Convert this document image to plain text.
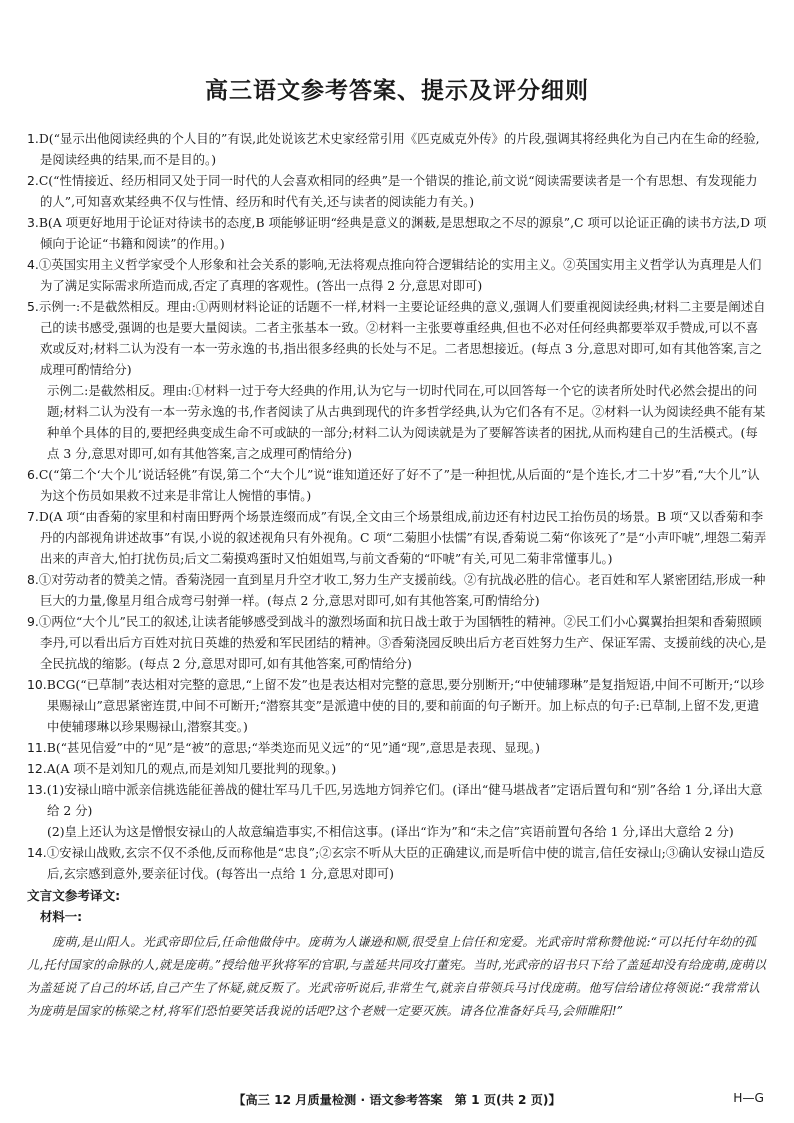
高三语文参考答案、提示及评分细则

1.D(“显示出他阅读经典的个人目的”有误,此处说该艺术史家经常引用《匹克威克外传》的片段,强调其将经典化为自己内在生命的经验,是阅读经典的结果,而不是目的。)

2.C(“性情接近、经历相同又处于同一时代的人会喜欢相同的经典”是一个错误的推论,前文说“阅读需要读者是一个有思想、有发现能力的人”,可知喜欢某经典不仅与性情、经历和时代有关,还与读者的阅读能力有关。)

3.B(A 项更好地用于论证对待读书的态度,B 项能够证明“经典是意义的渊薮,是思想取之不尽的源泉”,C 项可以论证正确的读书方法,D 项倾向于论证“书籍和阅读”的作用。)

4.①英国实用主义哲学家受个人形象和社会关系的影响,无法将观点推向符合逻辑结论的实用主义。②英国实用主义哲学认为真理是人们为了满足实际需求所造而成,否定了真理的客观性。(答出一点得 2 分,意思对即可)

5.示例一:不是截然相反。理由:①两则材料论证的话题不一样,材料一主要论证经典的意义,强调人们要重视阅读经典;材料二主要是阐述自己的读书感受,强调的也是要大量阅读。二者主张基本一致。②材料一主张要尊重经典,但也不必对任何经典都要举双手赞成,可以不喜欢或反对;材料二认为没有一本一劳永逸的书,指出很多经典的长处与不足。二者思想接近。(每点 3 分,意思对即可,如有其他答案,言之成理可酌情给分)

示例二:是截然相反。理由:①材料一过于夸大经典的作用,认为它与一切时代同在,可以回答每一个它的读者所处时代必然会提出的问题;材料二认为没有一本一劳永逸的书,作者阅读了从古典到现代的许多哲学经典,认为它们各有不足。②材料一认为阅读经典不能有某种单个具体的目的,要把经典变成生命不可或缺的一部分;材料二认为阅读就是为了要解答读者的困扰,从而构建自己的生活模式。(每点 3 分,意思对即可,如有其他答案,言之成理可酌情给分)

6.C(“第二个‘大个儿’说话轻佻”有误,第二个“大个儿”说“谁知道还好了好不了”是一种担忧,从后面的“是个连长,才二十岁”看,“大个儿”认为这个伤员如果救不过来是非常让人惋惜的事情。)

7.D(A 项“由香菊的家里和村南田野两个场景连缀而成”有误,全文由三个场景组成,前边还有村边民工抬伤员的场景。B 项“又以香菊和李丹的内部视角讲述故事”有误,小说的叙述视角只有外视角。C 项“二菊胆小怯懦”有误,香菊说二菊“你该死了”是“小声吓唬”,埋怨二菊弄出来的声音大,怕打扰伤员;后文二菊摸鸡蛋时又怕姐姐骂,与前文香菊的“吓唬”有关,可见二菊非常懂事儿。)

8.①对劳动者的赞美之情。香菊浇园一直到星月升空才收工,努力生产支援前线。②有抗战必胜的信心。老百姓和军人紧密团结,形成一种巨大的力量,像星月组合成弯弓射弹一样。(每点 2 分,意思对即可,如有其他答案,可酌情给分)

9.①两位“大个儿”民工的叙述,让读者能够感受到战斗的激烈场面和抗日战士敢于为国牺牲的精神。②民工们小心翼翼抬担架和香菊照顾李丹,可以看出后方百姓对抗日英雄的热爱和军民团结的精神。③香菊浇园反映出后方老百姓努力生产、保证军需、支援前线的决心,是全民抗战的缩影。(每点 2 分,意思对即可,如有其他答案,可酌情给分)

10.BCG(“已草制”表达相对完整的意思,“上留不发”也是表达相对完整的意思,要分别断开;“中使辅璆琳”是复指短语,中间不可断开;“以珍果赐禄山”意思紧密连贯,中间不可断开;“潜察其变”是派遣中使的目的,要和前面的句子断开。加上标点的句子:已草制,上留不发,更遣中使辅璆琳以珍果赐禄山,潜察其变。)

11.B(“甚见信爱”中的“见”是“被”的意思;“举类迩而见义远”的“见”通“现”,意思是表现、显现。)

12.A(A 项不是刘知几的观点,而是刘知几要批判的现象。)

13.(1)安禄山暗中派亲信挑选能征善战的健壮军马几千匹,另选地方饲养它们。(译出“健马堪战者”定语后置句和“别”各给 1 分,译出大意给 2 分)

(2)皇上还认为这是憎恨安禄山的人故意编造事实,不相信这事。(译出“诈为”和“未之信”宾语前置句各给 1 分,译出大意给 2 分)

14.①安禄山战败,玄宗不仅不杀他,反而称他是“忠良”;②玄宗不听从大臣的正确建议,而是听信中使的谎言,信任安禄山;③确认安禄山造反后,玄宗感到意外,要亲征讨伐。(每答出一点给 1 分,意思对即可)

文言文参考译文:

材料一:

庞萌,是山阳人。光武帝即位后,任命他做侍中。庞萌为人谦逊和顺,很受皇上信任和宠爱。光武帝时常称赞他说:“可以托付年幼的孤儿,托付国家的命脉的人,就是庞萌。”授给他平狄将军的官职,与盖延共同攻打董宪。当时,光武帝的诏书只下给了盖延却没有给庞萌,庞萌以为盖延说了自己的坏话,自己产生了怀疑,就反叛了。光武帝听说后,非常生气,就亲自带领兵马讨伐庞萌。他写信给诸位将领说:“我常常认为庞萌是国家的栋梁之材,将军们恐怕要笑话我说的话吧?这个老贼一定要灭族。请各位准备好兵马,会师睢阳!”

【高三 12 月质量检测 · 语文参考答案　第 1 页(共 2 页)】	H—G
